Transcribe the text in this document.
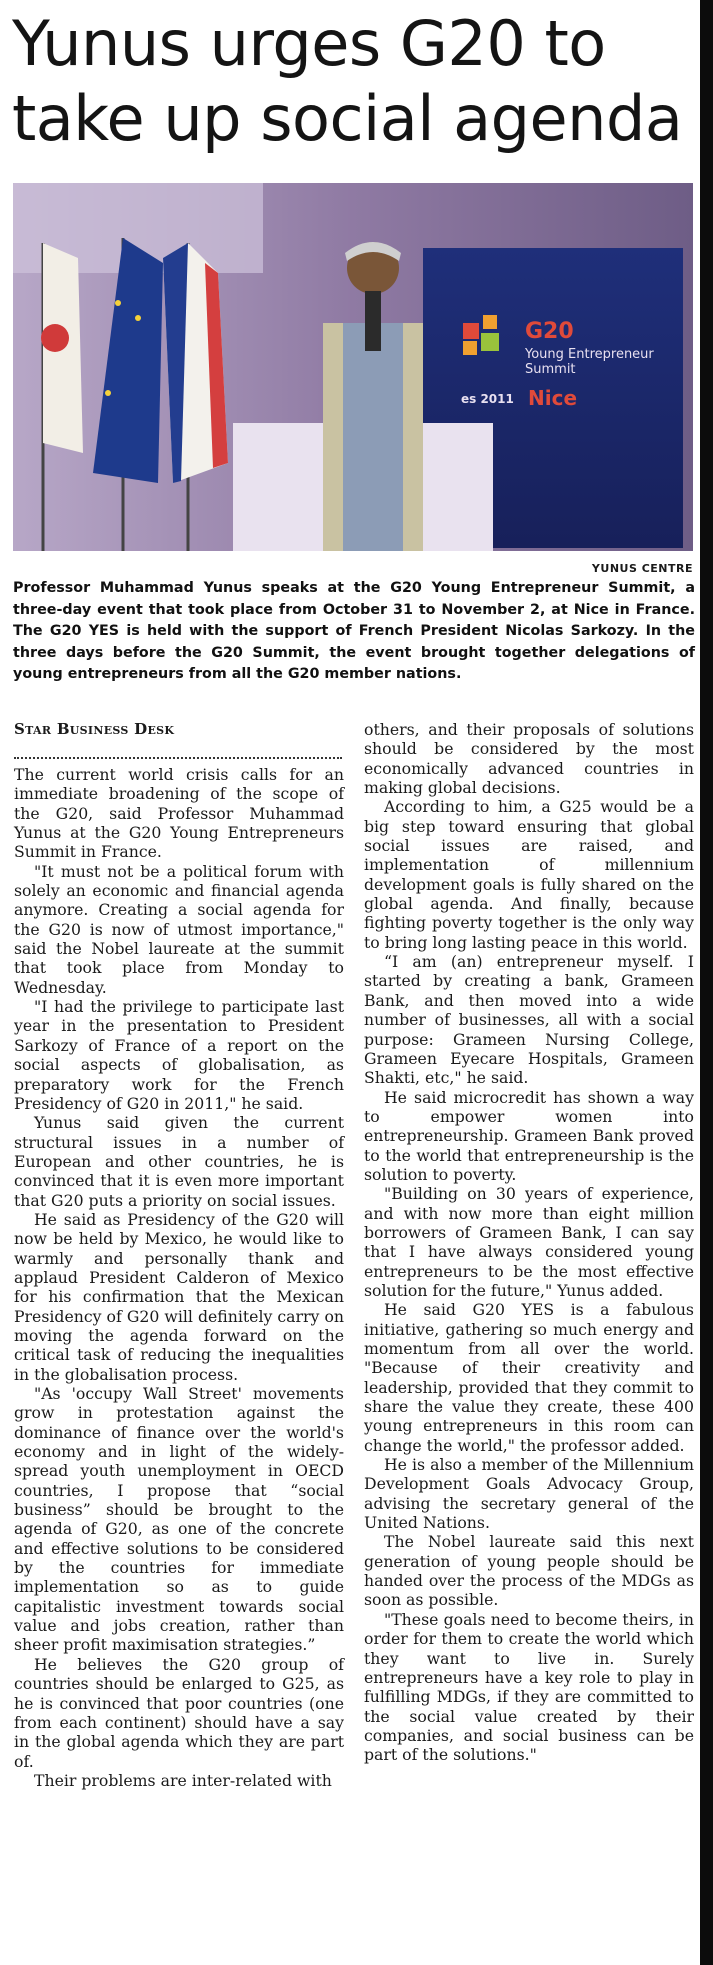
Yunus urges G20 to take up social agenda
G20
Young Entrepreneur
Summit
es 2011 Nice
YUNUS CENTRE
Professor Muhammad Yunus speaks at the G20 Young Entrepreneur Summit, a three-day event that took place from October 31 to November 2, at Nice in France. The G20 YES is held with the support of French President Nicolas Sarkozy. In the three days before the G20 Summit, the event brought together delegations of young entrepreneurs from all the G20 member nations.
Star Business Desk

The current world crisis calls for an immediate broadening of the scope of the G20, said Professor Muhammad Yunus at the G20 Young Entrepreneurs Summit in France.

"It must not be a political forum with solely an economic and financial agenda anymore. Creating a social agenda for the G20 is now of utmost importance," said the Nobel laureate at the summit that took place from Monday to Wednesday.

"I had the privilege to participate last year in the presentation to President Sarkozy of France of a report on the social aspects of globalisation, as preparatory work for the French Presidency of G20 in 2011," he said.

Yunus said given the current structural issues in a number of European and other countries, he is convinced that it is even more important that G20 puts a priority on social issues.

He said as Presidency of the G20 will now be held by Mexico, he would like to warmly and personally thank and applaud President Calderon of Mexico for his confirmation that the Mexican Presidency of G20 will definitely carry on moving the agenda forward on the critical task of reducing the inequalities in the globalisation process.

"As 'occupy Wall Street' movements grow in protestation against the dominance of finance over the world's economy and in light of the widely-spread youth unemployment in OECD countries, I propose that “social business” should be brought to the agenda of G20, as one of the concrete and effective solutions to be considered by the countries for immediate implementation so as to guide capitalistic investment towards social value and jobs creation, rather than sheer profit maximisation strategies.”

He believes the G20 group of countries should be enlarged to G25, as he is convinced that poor countries (one from each continent) should have a say in the global agenda which they are part of.

Their problems are inter-related with

others, and their proposals of solutions should be considered by the most economically advanced countries in making global decisions.

According to him, a G25 would be a big step toward ensuring that global social issues are raised, and implementation of millennium development goals is fully shared on the global agenda. And finally, because fighting poverty together is the only way to bring long lasting peace in this world.

“I am (an) entrepreneur myself. I started by creating a bank, Grameen Bank, and then moved into a wide number of businesses, all with a social purpose: Grameen Nursing College, Grameen Eyecare Hospitals, Grameen Shakti, etc," he said.

He said microcredit has shown a way to empower women into entrepreneurship. Grameen Bank proved to the world that entrepreneurship is the solution to poverty.

"Building on 30 years of experience, and with now more than eight million borrowers of Grameen Bank, I can say that I have always considered young entrepreneurs to be the most effective solution for the future," Yunus added.

He said G20 YES is a fabulous initiative, gathering so much energy and momentum from all over the world. "Because of their creativity and leadership, provided that they commit to share the value they create, these 400 young entrepreneurs in this room can change the world," the professor added.

He is also a member of the Millennium Development Goals Advocacy Group, advising the secretary general of the United Nations.

The Nobel laureate said this next generation of young people should be handed over the process of the MDGs as soon as possible.

"These goals need to become theirs, in order for them to create the world which they want to live in. Surely entrepreneurs have a key role to play in fulfilling MDGs, if they are committed to the social value created by their companies, and social business can be part of the solutions."
